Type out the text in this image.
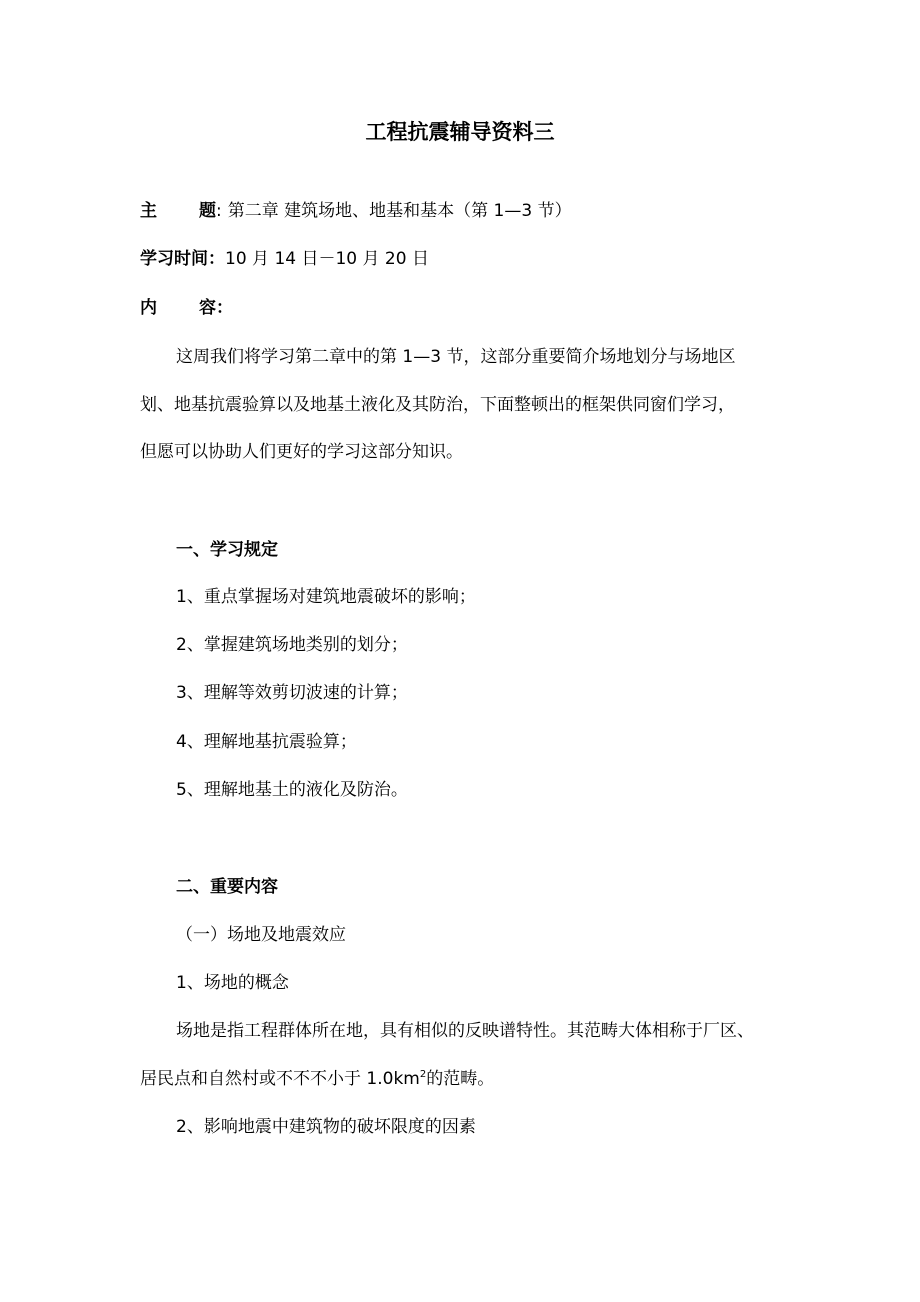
工程抗震辅导资料三
主 题: 第二章 建筑场地、地基和基本（第 1—3 节）
学习时间：10 月 14 日－10 月 20 日
内 容：
这周我们将学习第二章中的第 1—3 节，这部分重要简介场地划分与场地区
划、地基抗震验算以及地基土液化及其防治，下面整顿出的框架供同窗们学习，
但愿可以协助人们更好的学习这部分知识。
一、学习规定
1、重点掌握场对建筑地震破坏的影响；
2、掌握建筑场地类别的划分；
3、理解等效剪切波速的计算；
4、理解地基抗震验算；
5、理解地基土的液化及防治。
二、重要内容
（一）场地及地震效应
1、场地的概念
场地是指工程群体所在地，具有相似的反映谱特性。其范畴大体相称于厂区、
居民点和自然村或不不不小于 $1.0km^2$的范畴。
2、影响地震中建筑物的破坏限度的因素
